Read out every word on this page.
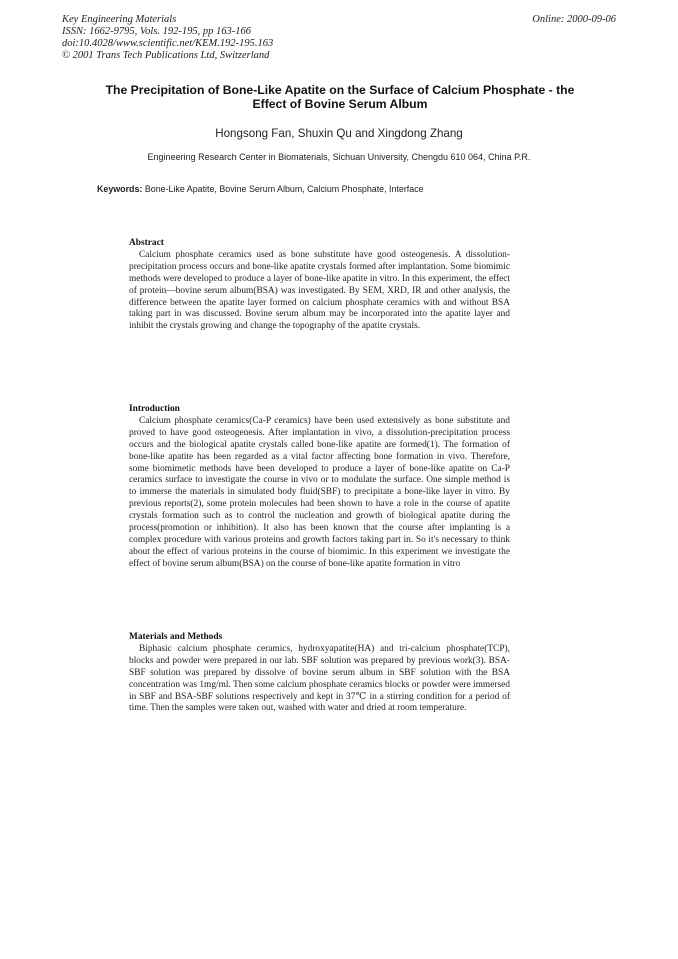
Key Engineering Materials
ISSN: 1662-9795, Vols. 192-195, pp 163-166
doi:10.4028/www.scientific.net/KEM.192-195.163
© 2001 Trans Tech Publications Ltd, Switzerland
Online: 2000-09-06
The Precipitation of Bone-Like Apatite on the Surface of Calcium Phosphate - the Effect of Bovine Serum Album
Hongsong Fan, Shuxin Qu and Xingdong Zhang
Engineering Research Center in Biomaterials, Sichuan University, Chengdu 610 064, China P.R.
Keywords: Bone-Like Apatite, Bovine Serum Album, Calcium Phosphate, Interface
Abstract

Calcium phosphate ceramics used as bone substitute have good osteogenesis. A dissolution-precipitation process occurs and bone-like apatite crystals formed after implantation. Some biomimic methods were developed to produce a layer of bone-like apatite in vitro. In this experiment, the effect of protein—bovine serum album(BSA) was investigated. By SEM, XRD, IR and other analysis, the difference between the apatite layer formed on calcium phosphate ceramics with and without BSA taking part in was discussed. Bovine serum album may be incorporated into the apatite layer and inhibit the crystals growing and change the topography of the apatite crystals.

Introduction

Calcium phosphate ceramics(Ca-P ceramics) have been used extensively as bone substitute and proved to have good osteogenesis. After implantation in vivo, a dissolution-precipitation process occurs and the biological apatite crystals called bone-like apatite are formed(1). The formation of bone-like apatite has been regarded as a vital factor affecting bone formation in vivo. Therefore, some biomimetic methods have been developed to produce a layer of bone-like apatite on Ca-P ceramics surface to investigate the course in vivo or to modulate the surface. One simple method is to immerse the materials in simulated body fluid(SBF) to precipitate a bone-like layer in vitro. By previous reports(2), some protein molecules had been shown to have a role in the course of apatite crystals formation such as to control the nucleation and growth of biological apatite during the process(promotion or inhibition). It also has been known that the course after implanting is a complex procedure with various proteins and growth factors taking part in. So it's necessary to think about the effect of various proteins in the course of biomimic. In this experiment we investigate the effect of bovine serum album(BSA) on the course of bone-like apatite formation in vitro

Materials and Methods

Biphasic calcium phosphate ceramics, hydroxyapatite(HA) and tri-calcium phosphate(TCP), blocks and powder were prepared in our lab. SBF solution was prepared by previous work(3). BSA-SBF solution was prepared by dissolve of bovine serum album in SBF solution with the BSA concentration was 1mg/ml. Then some calcium phosphate ceramics blocks or powder were immersed in SBF and BSA-SBF solutions respectively and kept in 37℃ in a stirring condition for a period of time. Then the samples were taken out, washed with water and dried at room temperature.
